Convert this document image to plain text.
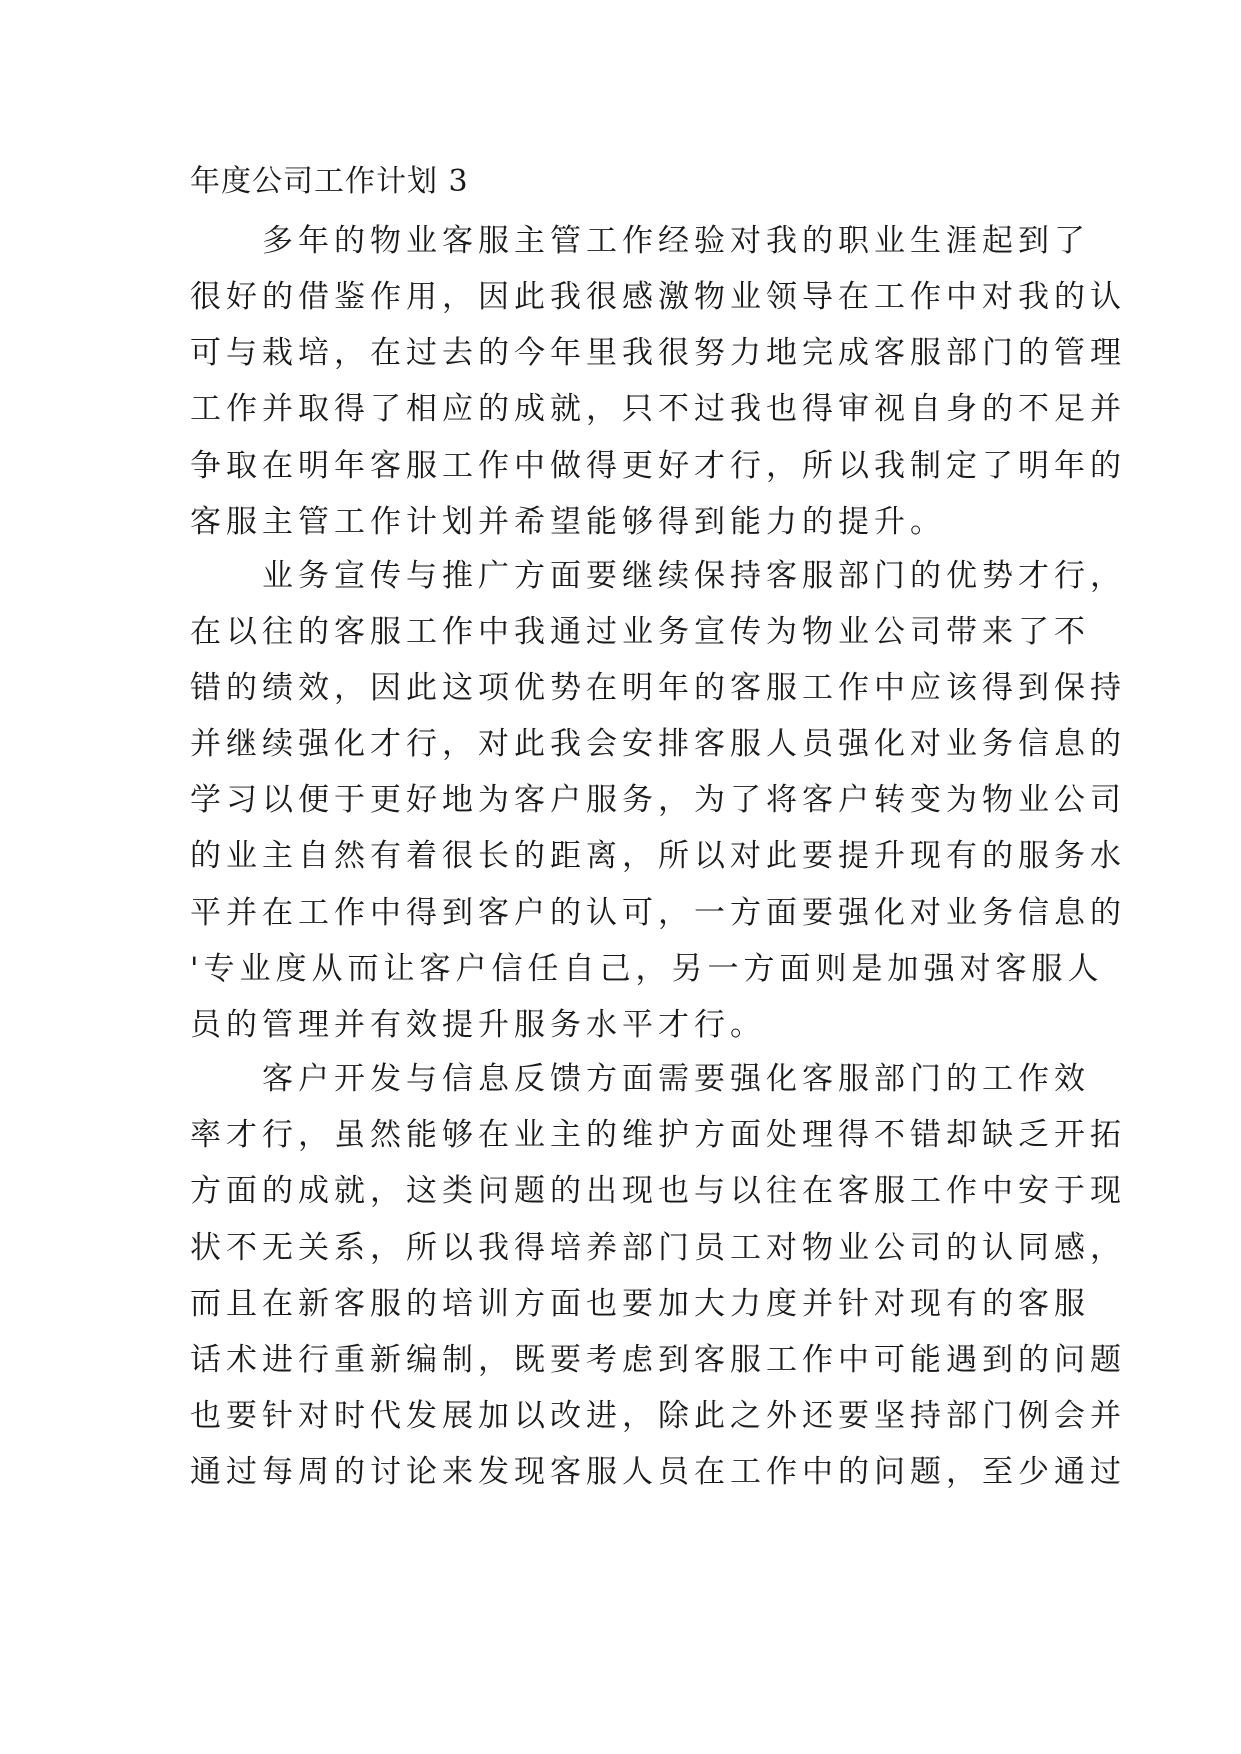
年度公司工作计划 3
　　多年的物业客服主管工作经验对我的职业生涯起到了
很好的借鉴作用，因此我很感激物业领导在工作中对我的认
可与栽培，在过去的今年里我很努力地完成客服部门的管理
工作并取得了相应的成就，只不过我也得审视自身的不足并
争取在明年客服工作中做得更好才行，所以我制定了明年的
客服主管工作计划并希望能够得到能力的提升。
　　业务宣传与推广方面要继续保持客服部门的优势才行，
在以往的客服工作中我通过业务宣传为物业公司带来了不
错的绩效，因此这项优势在明年的客服工作中应该得到保持
并继续强化才行，对此我会安排客服人员强化对业务信息的
学习以便于更好地为客户服务，为了将客户转变为物业公司
的业主自然有着很长的距离，所以对此要提升现有的服务水
平并在工作中得到客户的认可，一方面要强化对业务信息的
'专业度从而让客户信任自己，另一方面则是加强对客服人
员的管理并有效提升服务水平才行。
　　客户开发与信息反馈方面需要强化客服部门的工作效
率才行，虽然能够在业主的维护方面处理得不错却缺乏开拓
方面的成就，这类问题的出现也与以往在客服工作中安于现
状不无关系，所以我得培养部门员工对物业公司的认同感，
而且在新客服的培训方面也要加大力度并针对现有的客服
话术进行重新编制，既要考虑到客服工作中可能遇到的问题
也要针对时代发展加以改进，除此之外还要坚持部门例会并
通过每周的讨论来发现客服人员在工作中的问题，至少通过
